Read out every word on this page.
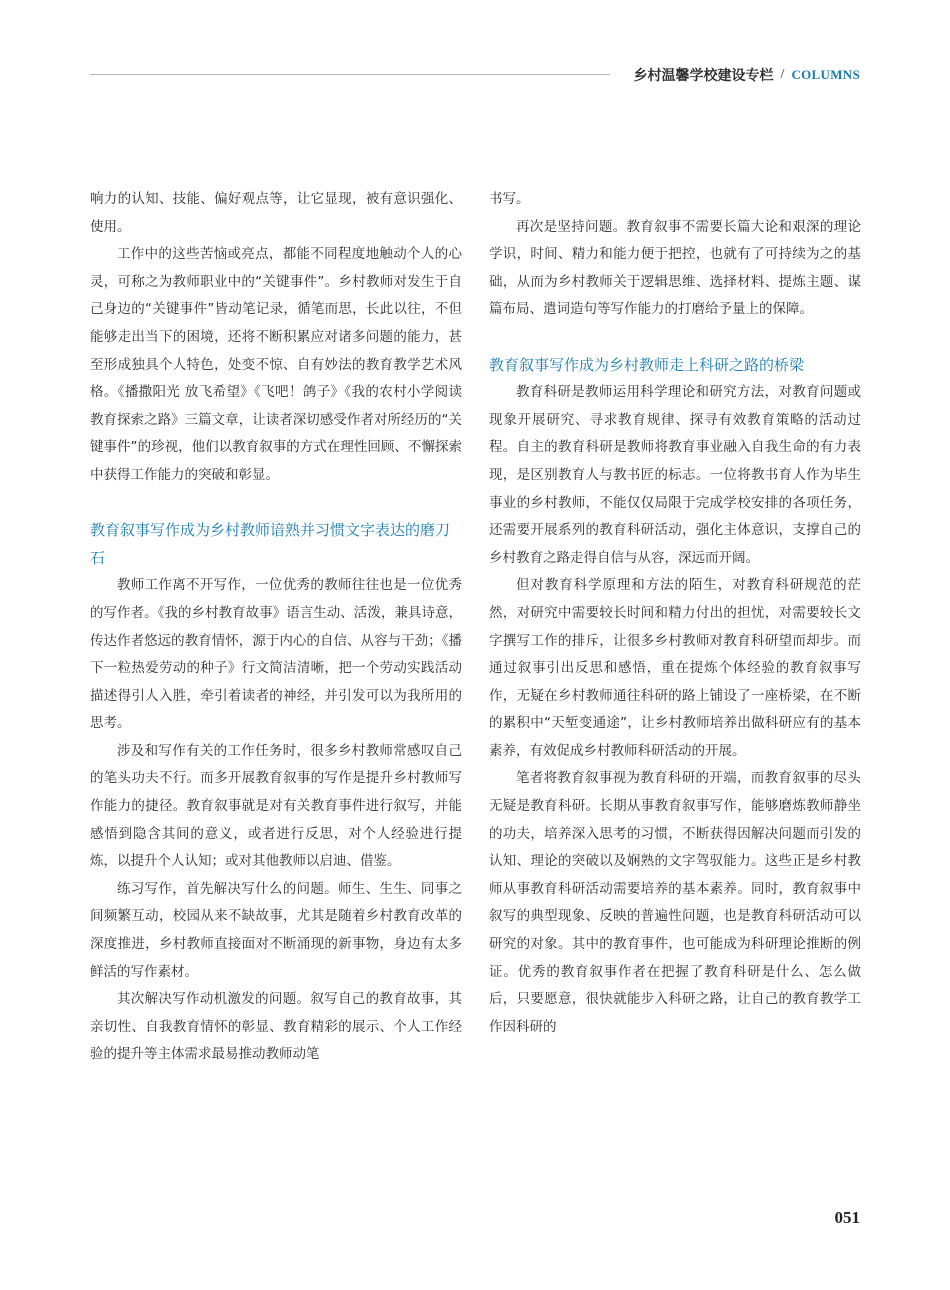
乡村温馨学校建设专栏 / COLUMNS

响力的认知、技能、偏好观点等，让它显现，被有意识强化、使用。

工作中的这些苦恼或亮点，都能不同程度地触动个人的心灵，可称之为教师职业中的“关键事件”。乡村教师对发生于自己身边的“关键事件”皆动笔记录，循笔而思，长此以往，不但能够走出当下的困境，还将不断积累应对诸多问题的能力，甚至形成独具个人特色，处变不惊、自有妙法的教育教学艺术风格。《播撒阳光 放飞希望》《飞吧！鸽子》《我的农村小学阅读教育探索之路》三篇文章，让读者深切感受作者对所经历的“关键事件”的珍视，他们以教育叙事的方式在理性回顾、不懈探索中获得工作能力的突破和彰显。

教育叙事写作成为乡村教师谙熟并习惯文字表达的磨刀石

教师工作离不开写作，一位优秀的教师往往也是一位优秀的写作者。《我的乡村教育故事》语言生动、活泼，兼具诗意，传达作者悠远的教育情怀，源于内心的自信、从容与干劲；《播下一粒热爱劳动的种子》行文简洁清晰，把一个劳动实践活动描述得引人入胜，牵引着读者的神经，并引发可以为我所用的思考。

涉及和写作有关的工作任务时，很多乡村教师常感叹自己的笔头功夫不行。而多开展教育叙事的写作是提升乡村教师写作能力的捷径。教育叙事就是对有关教育事件进行叙写，并能感悟到隐含其间的意义，或者进行反思，对个人经验进行提炼，以提升个人认知；或对其他教师以启迪、借鉴。

练习写作，首先解决写什么的问题。师生、生生、同事之间频繁互动，校园从来不缺故事，尤其是随着乡村教育改革的深度推进，乡村教师直接面对不断涌现的新事物，身边有太多鲜活的写作素材。

其次解决写作动机激发的问题。叙写自己的教育故事，其亲切性、自我教育情怀的彰显、教育精彩的展示、个人工作经验的提升等主体需求最易推动教师动笔

书写。

再次是坚持问题。教育叙事不需要长篇大论和艰深的理论学识，时间、精力和能力便于把控，也就有了可持续为之的基础，从而为乡村教师关于逻辑思维、选择材料、提炼主题、谋篇布局、遣词造句等写作能力的打磨给予量上的保障。

教育叙事写作成为乡村教师走上科研之路的桥梁

教育科研是教师运用科学理论和研究方法，对教育问题或现象开展研究、寻求教育规律、探寻有效教育策略的活动过程。自主的教育科研是教师将教育事业融入自我生命的有力表现，是区别教育人与教书匠的标志。一位将教书育人作为毕生事业的乡村教师，不能仅仅局限于完成学校安排的各项任务，还需要开展系列的教育科研活动，强化主体意识，支撑自己的乡村教育之路走得自信与从容，深远而开阔。

但对教育科学原理和方法的陌生，对教育科研规范的茫然，对研究中需要较长时间和精力付出的担忧，对需要较长文字撰写工作的排斥，让很多乡村教师对教育科研望而却步。而通过叙事引出反思和感悟，重在提炼个体经验的教育叙事写作，无疑在乡村教师通往科研的路上铺设了一座桥梁，在不断的累积中“天堑变通途”，让乡村教师培养出做科研应有的基本素养，有效促成乡村教师科研活动的开展。

笔者将教育叙事视为教育科研的开端，而教育叙事的尽头无疑是教育科研。长期从事教育叙事写作，能够磨炼教师静坐的功夫，培养深入思考的习惯，不断获得因解决问题而引发的认知、理论的突破以及娴熟的文字驾驭能力。这些正是乡村教师从事教育科研活动需要培养的基本素养。同时，教育叙事中叙写的典型现象、反映的普遍性问题，也是教育科研活动可以研究的对象。其中的教育事件，也可能成为科研理论推断的例证。优秀的教育叙事作者在把握了教育科研是什么、怎么做后，只要愿意，很快就能步入科研之路，让自己的教育教学工作因科研的

051
